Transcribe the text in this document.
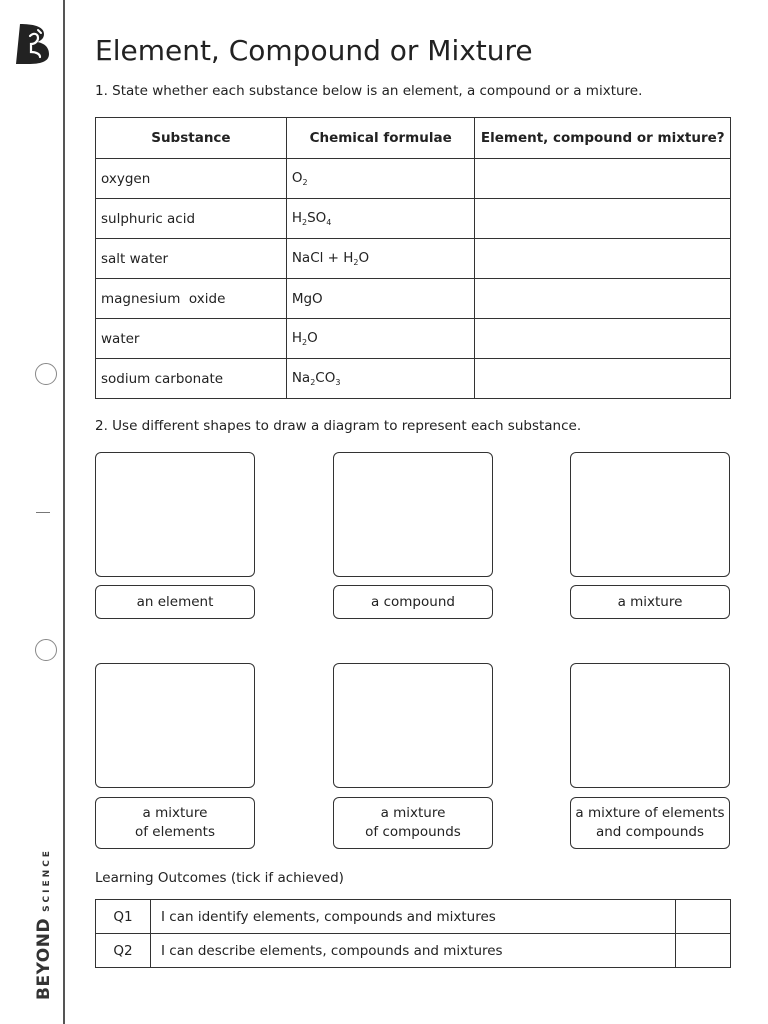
BEYONDSCIENCE
Element, Compound or Mixture

1. State whether each substance below is an element, a compound or a mixture.

Substance	Chemical formulae	Element, compound or mixture?
oxygen	$O_2$	
sulphuric acid	$H_2SO_4$	
salt water	NaCl + $H_2O$	
magnesium  oxide	MgO	
water	$H_2O$	
sodium carbonate	$Na_2CO_3$	

2. Use different shapes to draw a diagram to represent each substance.

an element	a compound	a mixture
a mixture
of elements
a mixture
of compounds
a mixture of elements
and compounds

Learning Outcomes (tick if achieved)

Q1	I can identify elements, compounds and mixtures	
Q2	I can describe elements, compounds and mixtures	
